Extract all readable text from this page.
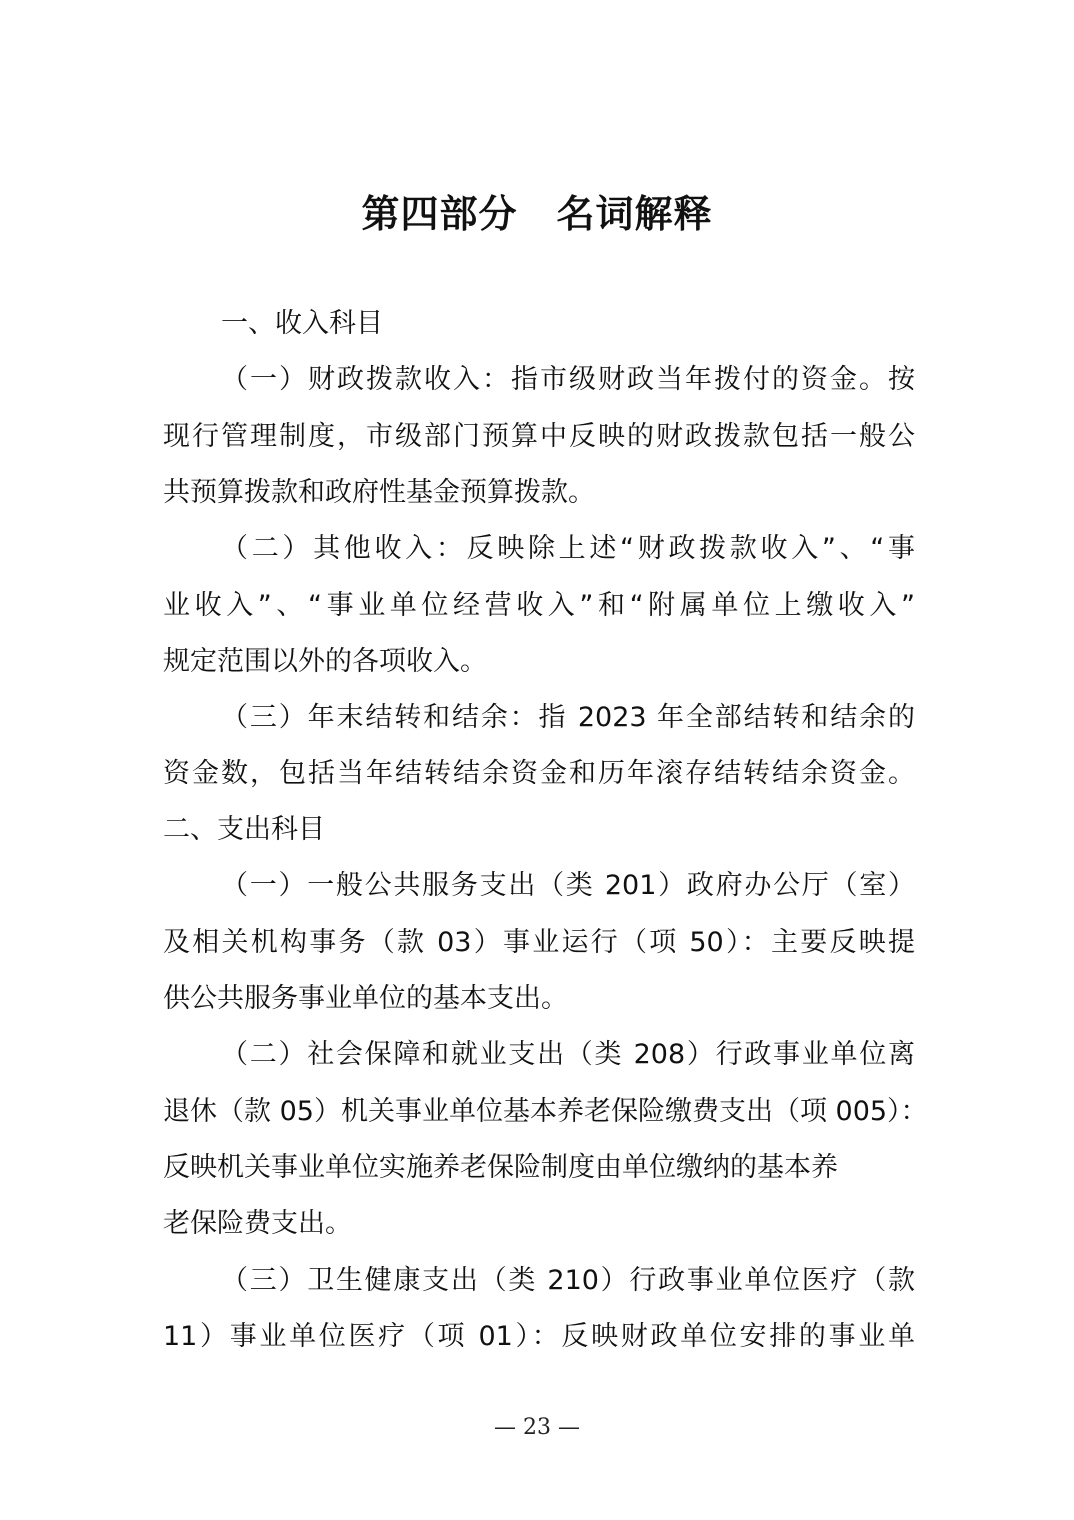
第四部分　名词解释
一、收入科目
（一）财政拨款收入：指市级财政当年拨付的资金。按
现行管理制度，市级部门预算中反映的财政拨款包括一般公
共预算拨款和政府性基金预算拨款。
（二）其他收入：反映除上述“财政拨款收入”、“事
业收入”、“事业单位经营收入”和“附属单位上缴收入”
规定范围以外的各项收入。
（三）年末结转和结余：指 2023 年全部结转和结余的
资金数，包括当年结转结余资金和历年滚存结转结余资金。
二、支出科目
（一）一般公共服务支出（类 201）政府办公厅（室）
及相关机构事务（款 03）事业运行（项 50）：主要反映提
供公共服务事业单位的基本支出。
（二）社会保障和就业支出（类 208）行政事业单位离
退休（款 05）机关事业单位基本养老保险缴费支出（项 005）：
反映机关事业单位实施养老保险制度由单位缴纳的基本养
老保险费支出。
（三）卫生健康支出（类 210）行政事业单位医疗（款
11）事业单位医疗（项 01）：反映财政单位安排的事业单
— 23 —
